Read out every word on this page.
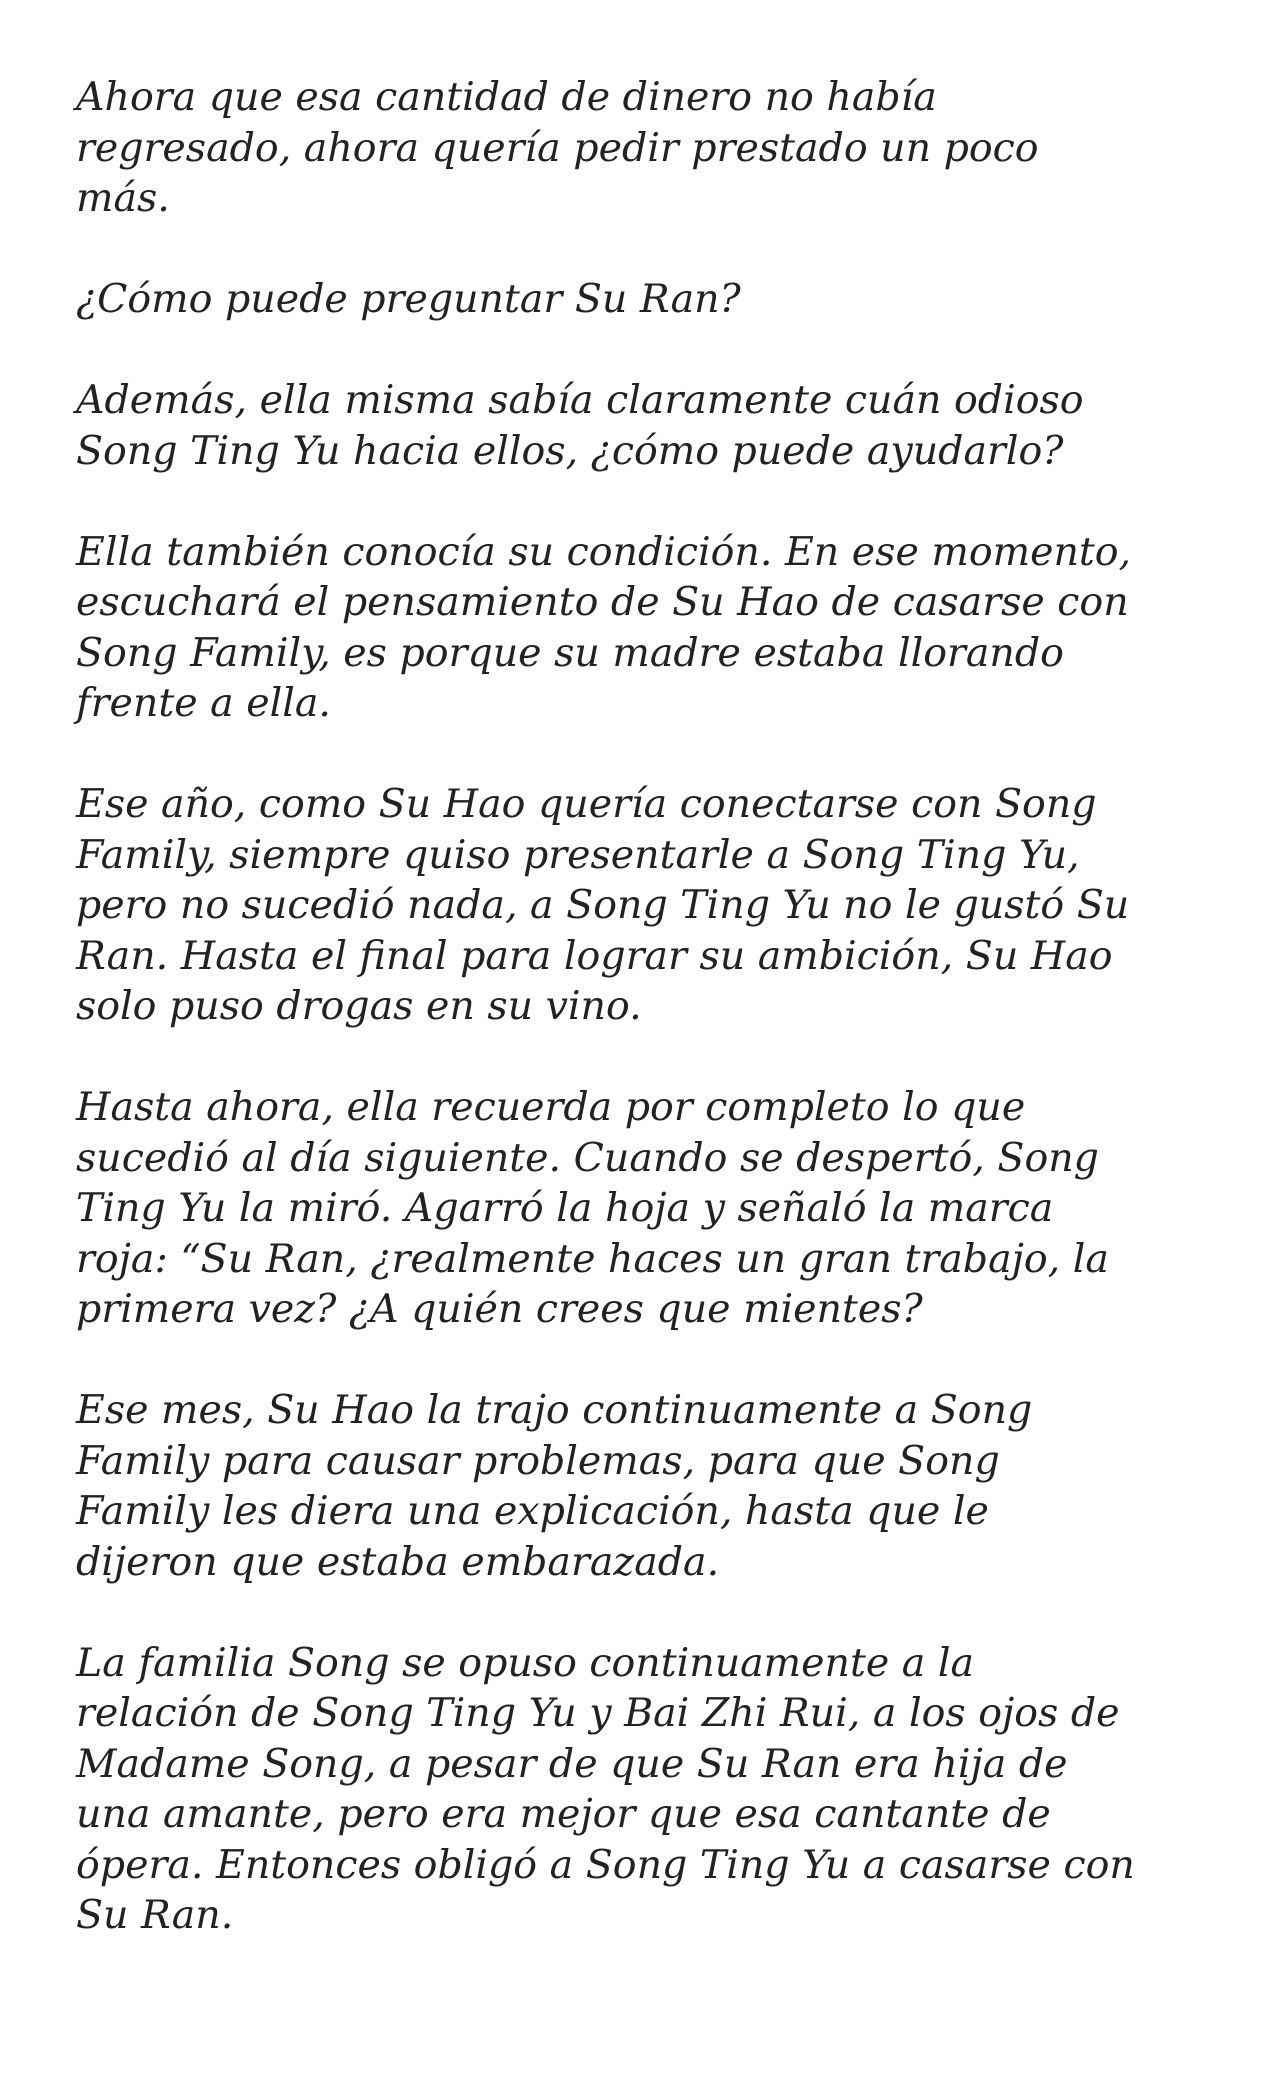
Ahora que esa cantidad de dinero no había
regresado, ahora quería pedir prestado un poco
más.

¿Cómo puede preguntar Su Ran?

Además, ella misma sabía claramente cuán odioso
Song Ting Yu hacia ellos, ¿cómo puede ayudarlo?

Ella también conocía su condición. En ese momento,
escuchará el pensamiento de Su Hao de casarse con
Song Family, es porque su madre estaba llorando
frente a ella.

Ese año, como Su Hao quería conectarse con Song
Family, siempre quiso presentarle a Song Ting Yu,
pero no sucedió nada, a Song Ting Yu no le gustó Su
Ran. Hasta el final para lograr su ambición, Su Hao
solo puso drogas en su vino.

Hasta ahora, ella recuerda por completo lo que
sucedió al día siguiente. Cuando se despertó, Song
Ting Yu la miró. Agarró la hoja y señaló la marca
roja: “Su Ran, ¿realmente haces un gran trabajo, la
primera vez? ¿A quién crees que mientes?

Ese mes, Su Hao la trajo continuamente a Song
Family para causar problemas, para que Song
Family les diera una explicación, hasta que le
dijeron que estaba embarazada.

La familia Song se opuso continuamente a la
relación de Song Ting Yu y Bai Zhi Rui, a los ojos de
Madame Song, a pesar de que Su Ran era hija de
una amante, pero era mejor que esa cantante de
ópera. Entonces obligó a Song Ting Yu a casarse con
Su Ran.
